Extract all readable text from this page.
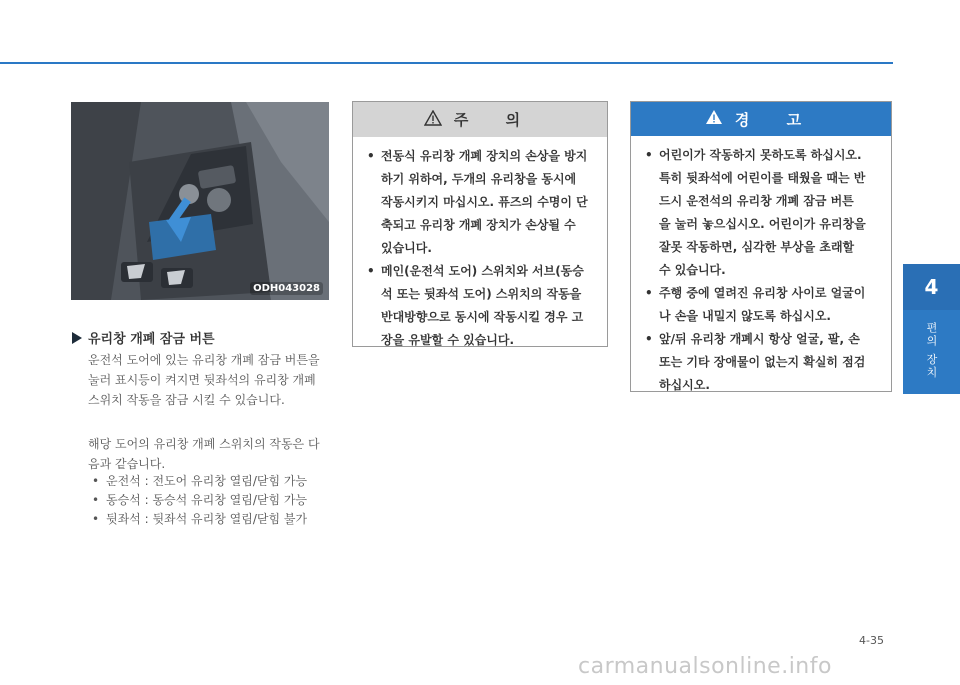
ODH043028
유리창 개폐 잠금 버튼
운전석 도어에 있는 유리창 개폐 잠금 버튼을
눌러 표시등이 켜지면 뒷좌석의 유리창 개폐
스위치 작동을 잠금 시킬 수 있습니다.
해당 도어의 유리창 개폐 스위치의 작동은 다
음과 같습니다.
• 운전석 : 전도어 유리창 열림/닫힘 가능
• 동승석 : 동승석 유리창 열림/닫힘 가능
• 뒷좌석 : 뒷좌석 유리창 열림/닫힘 불가
주 의
• 전동식 유리창 개폐 장치의 손상을 방지
하기 위하여, 두개의 유리창을 동시에
작동시키지 마십시오. 퓨즈의 수명이 단
축되고 유리창 개폐 장치가 손상될 수
있습니다.
• 메인(운전석 도어) 스위치와 서브(동승
석 또는 뒷좌석 도어) 스위치의 작동을
반대방향으로 동시에 작동시킬 경우 고
장을 유발할 수 있습니다.
경 고
• 어린이가 작동하지 못하도록 하십시오.
특히 뒷좌석에 어린이를 태웠을 때는 반
드시 운전석의 유리창 개폐 잠금 버튼
을 눌러 놓으십시오. 어린이가 유리창을
잘못 작동하면, 심각한 부상을 초래할
수 있습니다.
• 주행 중에 열려진 유리창 사이로 얼굴이
나 손을 내밀지 않도록 하십시오.
• 앞/뒤 유리창 개폐시 항상 얼굴, 팔, 손
또는 기타 장애물이 없는지 확실히 점검
하십시오.
4
편의 장치
4-35
carmanualsonline.info
